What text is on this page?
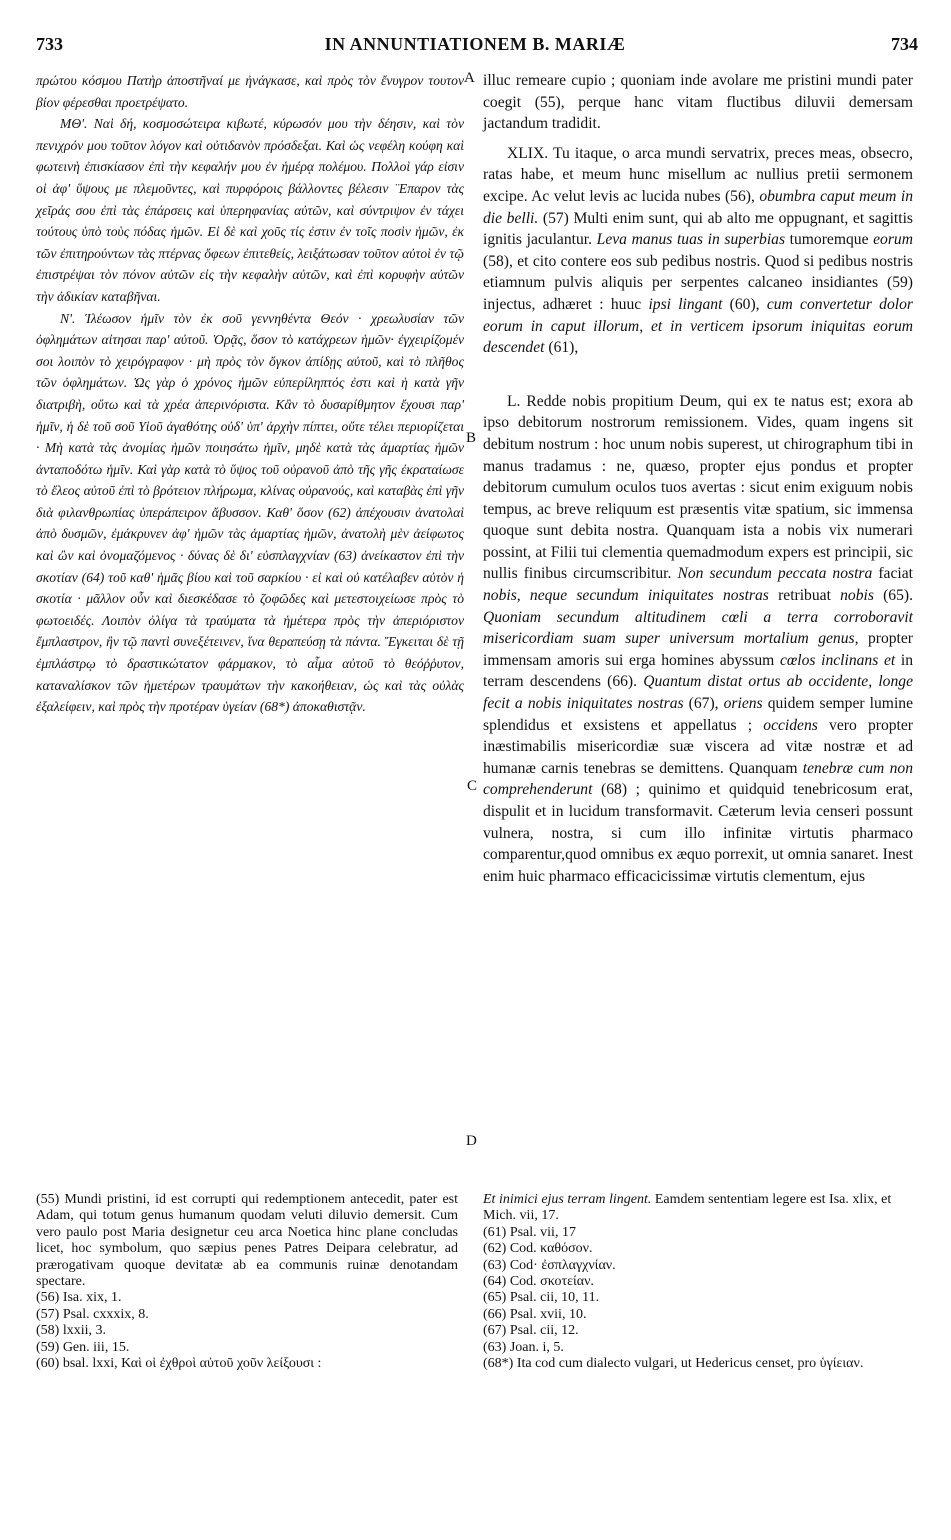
733	IN ANNUNTIATIONEM B. MARIÆ	734

πρώτου κόσμου Πατὴρ ἀποστῆναί με ἠνάγκασε, καὶ πρὸς τὸν ἔνυγρον τουτον βίον φέρεσθαι προετρέψατο.

ΜΘ'. Ναὶ δή, κοσμοσώτειρα κιβωτέ, κύρωσόν μου τὴν δέησιν, καὶ τὸν πενιχρόν μου τοῦτον λόγον καὶ οὐτιδανὸν πρόσδεξαι. Καὶ ὡς νεφέλη κούφη καὶ φωτεινὴ ἐπισκίασον ἐπὶ τὴν κεφαλήν μου ἐν ἡμέρᾳ πολέμου. Πολλοὶ γάρ εἰσιν οἱ ἀφ' ὕψους με πλεμοῦντες, καὶ πυρφόροις βάλλοντες βέλεσιν ¨Επαρον τὰς χεῖράς σου ἐπὶ τὰς ἐπάρσεις καὶ ὑπερηφανίας αὐτῶν, καὶ σύντριψον ἐν τάχει τούτους ὑπὸ τοὺς πόδας ἡμῶν. Εἰ δὲ καὶ χοῦς τίς ἐστιν ἐν τοῖς ποσὶν ἡμῶν, ἐκ τῶν ἐπιτηρούντων τὰς πτέρνας ὄφεων ἐπιτεθείς, λειξάτωσαν τοῦτον αὐτοὶ ἐν τῷ ἐπιστρέψαι τὸν πόνον αὐτῶν εἰς τὴν κεφαλὴν αὐτῶν, καὶ ἐπὶ κορυφὴν αὐτῶν τὴν ἀδικίαν καταβῆναι.

Ν'. Ἱλέωσον ἡμῖν τὸν ἐκ σοῦ γεννηθέντα Θεόν · χρεωλυσίαν τῶν ὀφλημάτων αἰτησαι παρ' αὐτοῦ. Ὁρᾷς, ὅσον τὸ κατάχρεων ἡμῶν· ἐγχειρίζομέν σοι λοιπὸν τὸ χειρόγραφον · μὴ πρὸς τὸν ὄγκον ἀπίδῃς αὐτοῦ, καὶ τὸ πλῆθος τῶν ὀφλημάτων. Ὡς γὰρ ὁ χρόνος ἡμῶν εὐπερίληπτός ἐστι καὶ ἡ κατὰ γῆν διατριβὴ, οὕτω καὶ τὰ χρέα ἀπερινόριστα. Κἂν τὸ δυσαρίθμητον ἔχουσι παρ' ἡμῖν, ἡ δὲ τοῦ σοῦ Υἱοῦ ἀγαθότης οὐδ' ὑπ' ἀρχὴν πίπτει, οὔτε τέλει περιορίζεται · Μὴ κατὰ τὰς ἀνομίας ἡμῶν ποιησάτω ἡμῖν, μηδὲ κατὰ τὰς ἁμαρτίας ἡμῶν ἀνταποδότω ἡμῖν. Καὶ γὰρ κατὰ τὸ ὕψος τοῦ οὐρανοῦ ἀπὸ τῆς γῆς ἐκραταίωσε τὸ ἔλεος αὐτοῦ ἐπὶ τὸ βρότειον πλήρωμα, κλίνας οὐρανούς, καὶ καταβὰς ἐπὶ γῆν διὰ φιλανθρωπίας ὑπεράπειρον ἄβυσσον. Καθ' ὅσον (62) ἀπέχουσιν ἀνατολαὶ ἀπὸ δυσμῶν, ἐμάκρυνεν ἀφ' ἡμῶν τὰς ἁμαρτίας ἡμῶν, ἀνατολὴ μὲν ἀείφωτος καὶ ὢν καὶ ὀνομαζόμενος · δύνας δὲ δι' εὐσπλαγχνίαν (63) ἀνείκαστον ἐπὶ τὴν σκοτίαν (64) τοῦ καθ' ἡμᾶς βίου καὶ τοῦ σαρκίου · εἰ καὶ οὐ κατέλαβεν αὐτὸν ἡ σκοτία · μᾶλλον οὖν καὶ διεσκέδασε τὸ ζοφῶδες καὶ μετεστοιχείωσε πρὸς τὸ φωτοειδές. Λοιπὸν ὀλίγα τὰ τραύματα τὰ ἡμέτερα πρὸς τὴν ἀπεριόριστον ἔμπλαστρον, ἣν τῷ παντὶ συνεξέτεινεν, ἵνα θεραπεύσῃ τὰ πάντα. Ἔγκειται δὲ τῇ ἐμπλάστρῳ τὸ δραστικώτατον φάρμακον, τὸ αἷμα αὐτοῦ τὸ θεόῤῥυτον, καταναλίσκον τῶν ἡμετέρων τραυμάτων τὴν κακοήθειαν, ὡς καὶ τὰς οὐλὰς ἐξαλείφειν, καὶ πρὸς τὴν προτέραν ὑγείαν (68*) ἀποκαθιστᾷν.

A
B
C
D

illuc remeare cupio ; quoniam inde avolare me pristini mundi pater coegit (55), perque hanc vitam fluctibus diluvii demersam jactandum tradidit.

XLIX. Tu itaque, o arca mundi servatrix, preces meas, obsecro, ratas habe, et meum hunc misellum ac nullius pretii sermonem excipe. Ac velut levis ac lucida nubes (56), obumbra caput meum in die belli. (57) Multi enim sunt, qui ab alto me oppugnant, et sagittis ignitis jaculantur. Leva manus tuas in superbias tumoremque eorum (58), et cito contere eos sub pedibus nostris. Quod si pedibus nostris etiamnum pulvis aliquis per serpentes calcaneo insidiantes (59) injectus, adhæret : huuc ipsi lingant (60), cum convertetur dolor eorum in caput illorum, et in verticem ipsorum iniquitas eorum descendet (61),

L. Redde nobis propitium Deum, qui ex te natus est; exora ab ipso debitorum nostrorum remissionem. Vides, quam ingens sit debitum nostrum : hoc unum nobis superest, ut chirographum tibi in manus tradamus : ne, quæso, propter ejus pondus et propter debitorum cumulum oculos tuos avertas : sicut enim exiguum nobis tempus, ac breve reliquum est præsentis vitæ spatium, sic immensa quoque sunt debita nostra. Quanquam ista a nobis vix numerari possint, at Filii tui clementia quemadmodum expers est principii, sic nullis finibus circumscribitur. Non secundum peccata nostra faciat nobis, neque secundum iniquitates nostras retribuat nobis (65). Quoniam secundum altitudinem cœli a terra corroboravit misericordiam suam super universum mortalium genus, propter immensam amoris sui erga homines abyssum cœlos inclinans et in terram descendens (66). Quantum distat ortus ab occidente, longe fecit a nobis iniquitates nostras (67), oriens quidem semper lumine splendidus et exsistens et appellatus ; occidens vero propter inæstimabilis misericordiæ suæ viscera ad vitæ nostræ et ad humanæ carnis tenebras se demittens. Quanquam tenebræ cum non comprehenderunt (68) ; quinimo et quidquid tenebricosum erat, dispulit et in lucidum transformavit. Cæterum levia censeri possunt vulnera, nostra, si cum illo infinitæ virtutis pharmaco comparentur,quod omnibus ex æquo porrexit, ut omnia sanaret. Inest enim huic pharmaco efficacicissimæ virtutis clementum, ejus

(55) Mundi pristini, id est corrupti qui redemptionem antecedit, pater est Adam, qui totum genus humanum quodam veluti diluvio demersit. Cum vero paulo post Maria designetur ceu arca Noetica hinc plane concludas licet, hoc symbolum, quo sæpius penes Patres Deipara celebratur, ad prærogativam quoque devitatæ ab ea communis ruinæ denotandam spectare.

(56) Isa. xix, 1.

(57) Psal. cxxxix, 8.

(58) lxxii, 3.

(59) Gen. iii, 15.

(60) bsal. lxxi, Καὶ οἱ ἐχθροὶ αὐτοῦ χοῦν λείξουσι :

Et inimici ejus terram lingent. Eamdem sententiam legere est Isa. xlix, et Mich. vii, 17.

(61) Psal. vii, 17

(62) Cod. καθόσον.

(63) Cod· ἐσπλαγχνίαν.

(64) Cod. σκοτείαν.

(65) Psal. cii, 10, 11.

(66) Psal. xvii, 10.

(67) Psal. cii, 12.

(63) Joan. i, 5.

(68*) Ita cod cum dialecto vulgari, ut Hedericus censet, pro ὑγίειαν.
